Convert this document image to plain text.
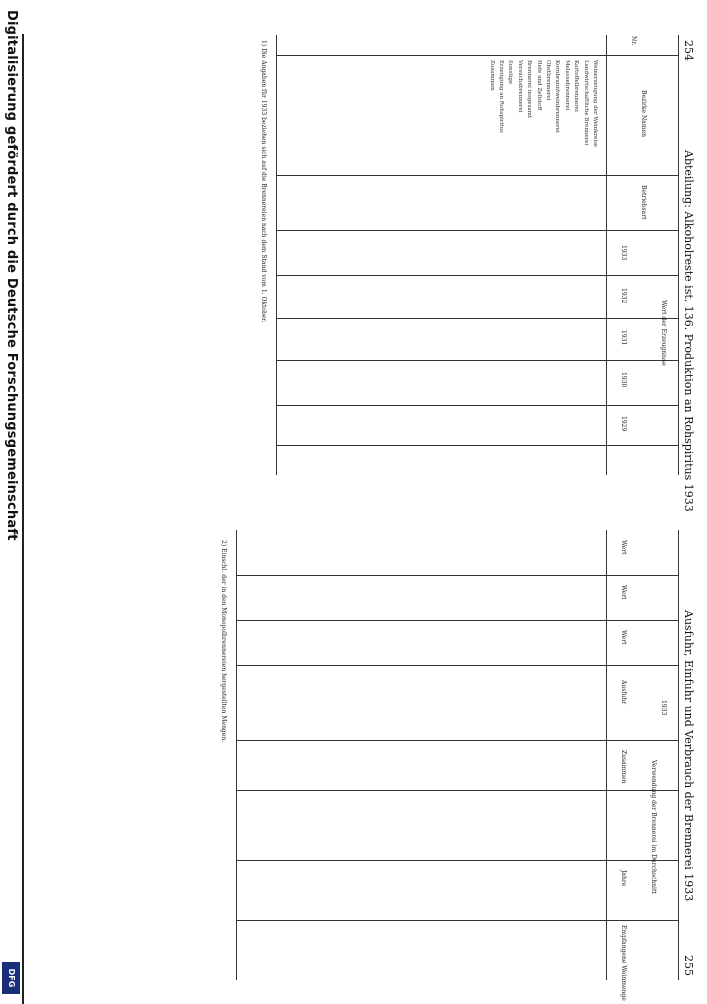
254
Abteilung: Alkoholreste ist. 136. Produktion an Rohspiritus 1933
Ausfuhr, Einfuhr und Verbrauch der Brennerei 1933
255
Nr.
Bezirke Namen
Betriebsart
1933
1932
1931
1930
1929
Wert der Erzeugnisse
Wert
Wert
Wert
Ausfuhr
1933
Zusammen	Verwendung der Brennerei im Durchschnitt
Jahre
Empfangene Weinmenge
Weinerzeugung der Weinkreise
Landwirtschaftliche Brennerei
Kartoffelbrennerei
Melassebrennerei
Kornbranntweinbrennerei
Obstbrennerei
Hefe und Zellstoff
Brennerei insgesamt
Versuchsbrennerei
Sonstige
Erzeugung an Rohspiritus
Zusammen
1) Die Angaben für 1933 beziehen sich auf die Brennereien nach dem Stand vom 1. Oktober.
2) Einschl. der in den Monopolbrennereien hergestellten Mengen.
Digitalisierung gefördert durch die Deutsche Forschungsgemeinschaft
DFG
